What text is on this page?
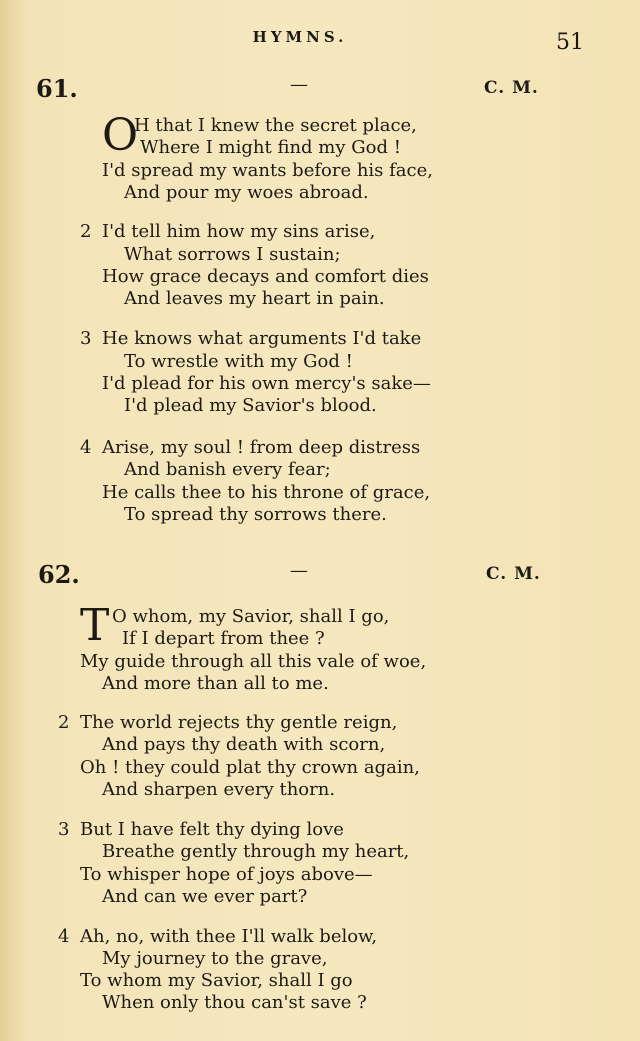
HYMNS.	51
61.	—	C. M.
O
H that I knew the secret place,
Where I might find my God !
I'd spread my wants before his face,
And pour my woes abroad.
2 I'd tell him how my sins arise,
What sorrows I sustain;
How grace decays and comfort dies
And leaves my heart in pain.
3 He knows what arguments I'd take
To wrestle with my God !
I'd plead for his own mercy's sake—
I'd plead my Savior's blood.
4 Arise, my soul ! from deep distress
And banish every fear;
He calls thee to his throne of grace,
To spread thy sorrows there.
62.	—	C. M.
T O whom, my Savior, shall I go,
If I depart from thee ?
My guide through all this vale of woe,
And more than all to me.
2 The world rejects thy gentle reign,
And pays thy death with scorn,
Oh ! they could plat thy crown again,
And sharpen every thorn.
3 But I have felt thy dying love
Breathe gently through my heart,
To whisper hope of joys above—
And can we ever part?
4 Ah, no, with thee I'll walk below,
My journey to the grave,
To whom my Savior, shall I go
When only thou can'st save ?
